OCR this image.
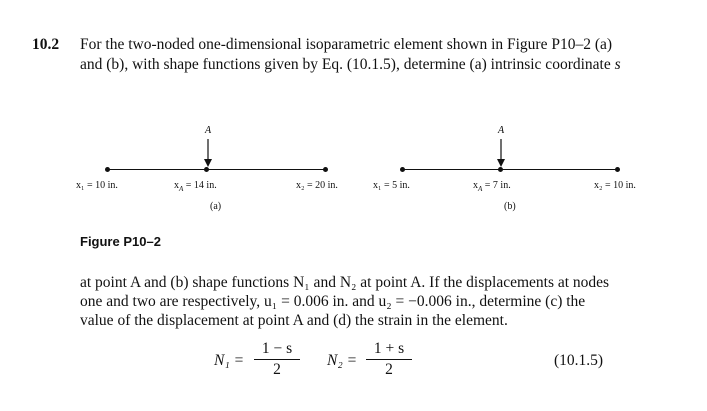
10.2 For the two-noded one-dimensional isoparametric element shown in Figure P10–2 (a)
and (b), with shape functions given by Eq. (10.1.5), determine (a) intrinsic coordinate s
A
x₁ = 10 in.	$x_A = 14$ in.	x₂ = 20 in.
(a)
A
x₁ = 5 in.	$x_A = 7$ in.	x₂ = 10 in.
(b)
Figure P10–2
at point A and (b) shape functions N₁ and N₂ at point A. If the displacements at nodes
one and two are respectively, u₁ = 0.006 in. and u₂ = −0.006 in., determine (c) the
value of the displacement at point A and (d) the strain in the element.
N₁ =
1 − s
2
N₂ =
1 + s
2
(10.1.5)
